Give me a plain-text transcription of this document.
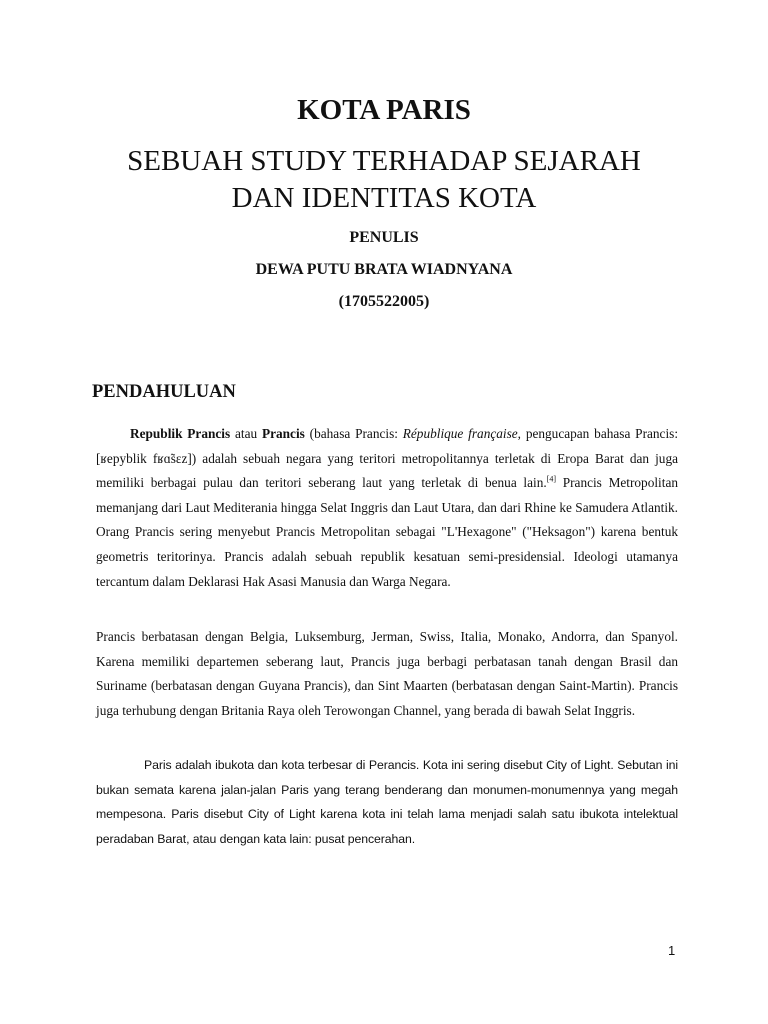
KOTA PARIS
SEBUAH STUDY TERHADAP SEJARAH
DAN IDENTITAS KOTA

PENULIS

DEWA PUTU BRATA WIADNYANA

(1705522005)

PENDAHULUAN

Republik Prancis atau Prancis (bahasa Prancis: République française, pengucapan bahasa Prancis: [ʁepyblik fʁɑ̃sɛz]) adalah sebuah negara yang teritori metropolitannya terletak di Eropa Barat dan juga memiliki berbagai pulau dan teritori seberang laut yang terletak di benua lain.[4] Prancis Metropolitan memanjang dari Laut Mediterania hingga Selat Inggris dan Laut Utara, dan dari Rhine ke Samudera Atlantik. Orang Prancis sering menyebut Prancis Metropolitan sebagai "L'Hexagone" ("Heksagon") karena bentuk geometris teritorinya. Prancis adalah sebuah republik kesatuan semi-presidensial. Ideologi utamanya tercantum dalam Deklarasi Hak Asasi Manusia dan Warga Negara.

Prancis berbatasan dengan Belgia, Luksemburg, Jerman, Swiss, Italia, Monako, Andorra, dan Spanyol. Karena memiliki departemen seberang laut, Prancis juga berbagi perbatasan tanah dengan Brasil dan Suriname (berbatasan dengan Guyana Prancis), dan Sint Maarten (berbatasan dengan Saint-Martin). Prancis juga terhubung dengan Britania Raya oleh Terowongan Channel, yang berada di bawah Selat Inggris.

Paris adalah ibukota dan kota terbesar di Perancis. Kota ini sering disebut City of Light. Sebutan ini bukan semata karena jalan-jalan Paris yang terang benderang dan monumen-monumennya yang megah mempesona. Paris disebut City of Light karena kota ini telah lama menjadi salah satu ibukota intelektual peradaban Barat, atau dengan kata lain: pusat pencerahan.

1
